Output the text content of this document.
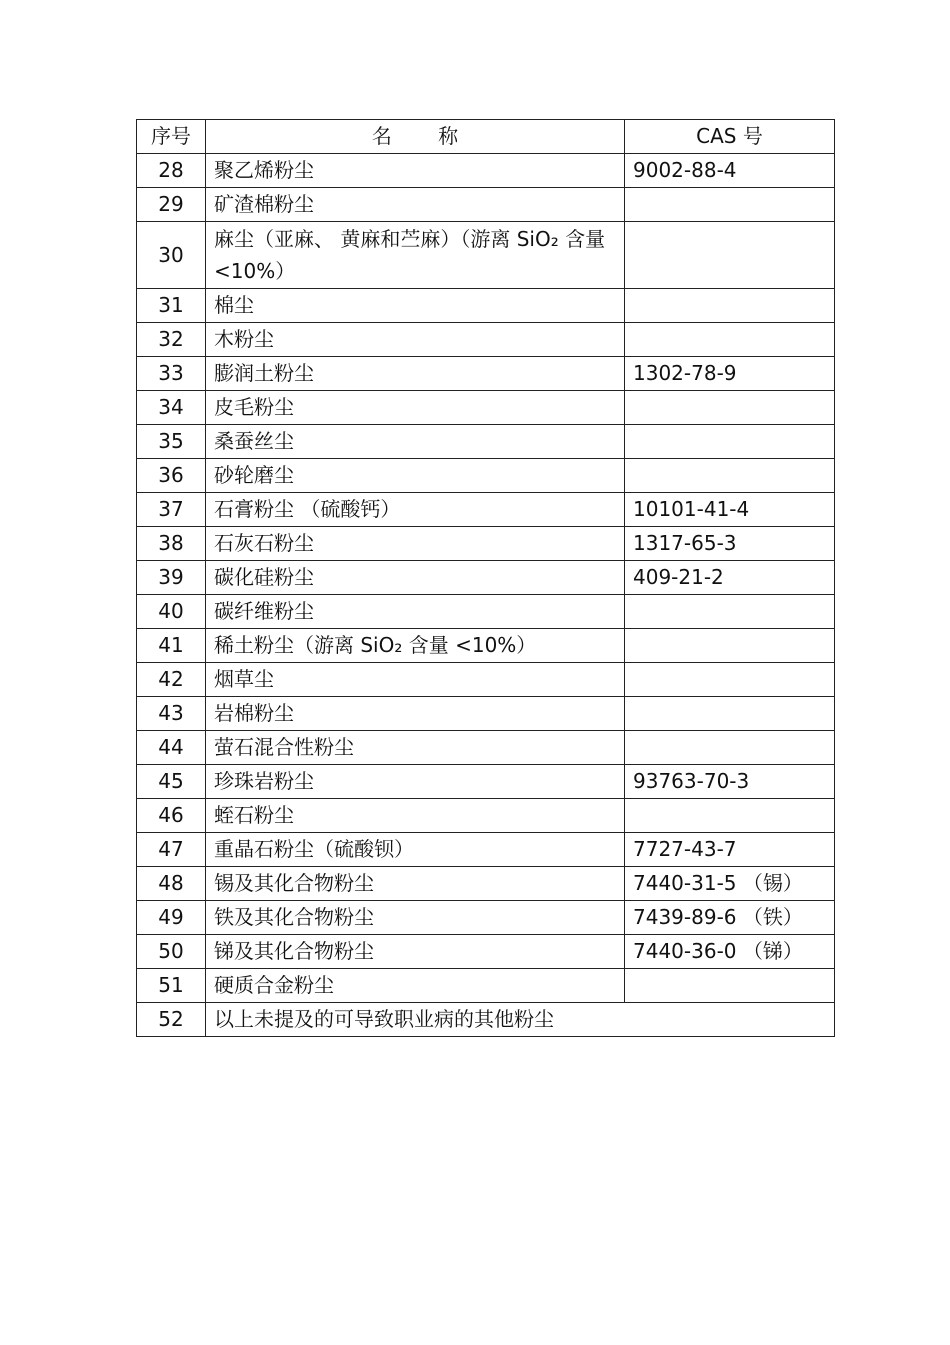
序号	名 称	CAS 号
28	聚乙烯粉尘	9002-88-4
29	矿渣棉粉尘	
30	麻尘（亚麻、 黄麻和苎麻）（游离 SiO₂ 含量 <10%）	
31	棉尘	
32	木粉尘	
33	膨润土粉尘	1302-78-9
34	皮毛粉尘	
35	桑蚕丝尘	
36	砂轮磨尘	
37	石膏粉尘 （硫酸钙）	10101-41-4
38	石灰石粉尘	1317-65-3
39	碳化硅粉尘	409-21-2
40	碳纤维粉尘	
41	稀土粉尘（游离 SiO₂ 含量 <10%）	
42	烟草尘	
43	岩棉粉尘	
44	萤石混合性粉尘	
45	珍珠岩粉尘	93763-70-3
46	蛭石粉尘	
47	重晶石粉尘（硫酸钡）	7727-43-7
48	锡及其化合物粉尘	7440-31-5 （锡）
49	铁及其化合物粉尘	7439-89-6 （铁）
50	锑及其化合物粉尘	7440-36-0 （锑）
51	硬质合金粉尘	
52	以上未提及的可导致职业病的其他粉尘	
